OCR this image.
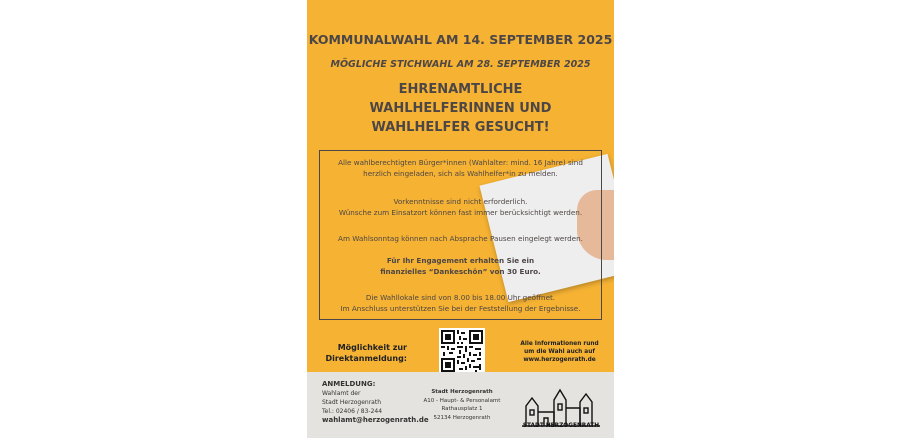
KOMMUNALWAHL AM 14. SEPTEMBER 2025
MÖGLICHE STICHWAHL AM 28. SEPTEMBER 2025
EHRENAMTLICHE
WAHLHELFERINNEN UND
WAHLHELFER GESUCHT!
Alle wahlberechtigten Bürger*innen (Wahlalter: mind. 16 Jahre) sind
herzlich eingeladen, sich als Wahlhelfer*in zu melden.
Vorkenntnisse sind nicht erforderlich.
Wünsche zum Einsatzort können fast immer berücksichtigt werden.
Am Wahlsonntag können nach Absprache Pausen eingelegt werden.
Für Ihr Engagement erhalten Sie ein
finanzielles “Dankeschön” von 30 Euro.
Die Wahllokale sind von 8.00 bis 18.00 Uhr geöffnet.
Im Anschluss unterstützen Sie bei der Feststellung der Ergebnisse.
Möglichkeit zur
Direktanmeldung:
Alle Informationen rund
um die Wahl auch auf
www.herzogenrath.de
ANMELDUNG:
Wahlamt der
Stadt Herzogenrath
Tel.: 02406 / 83-244
wahlamt@herzogenrath.de
Stadt Herzogenrath
A10 - Haupt- & Personalamt
Rathausplatz 1
52134 Herzogenrath
STADT HERZOGENRATH
